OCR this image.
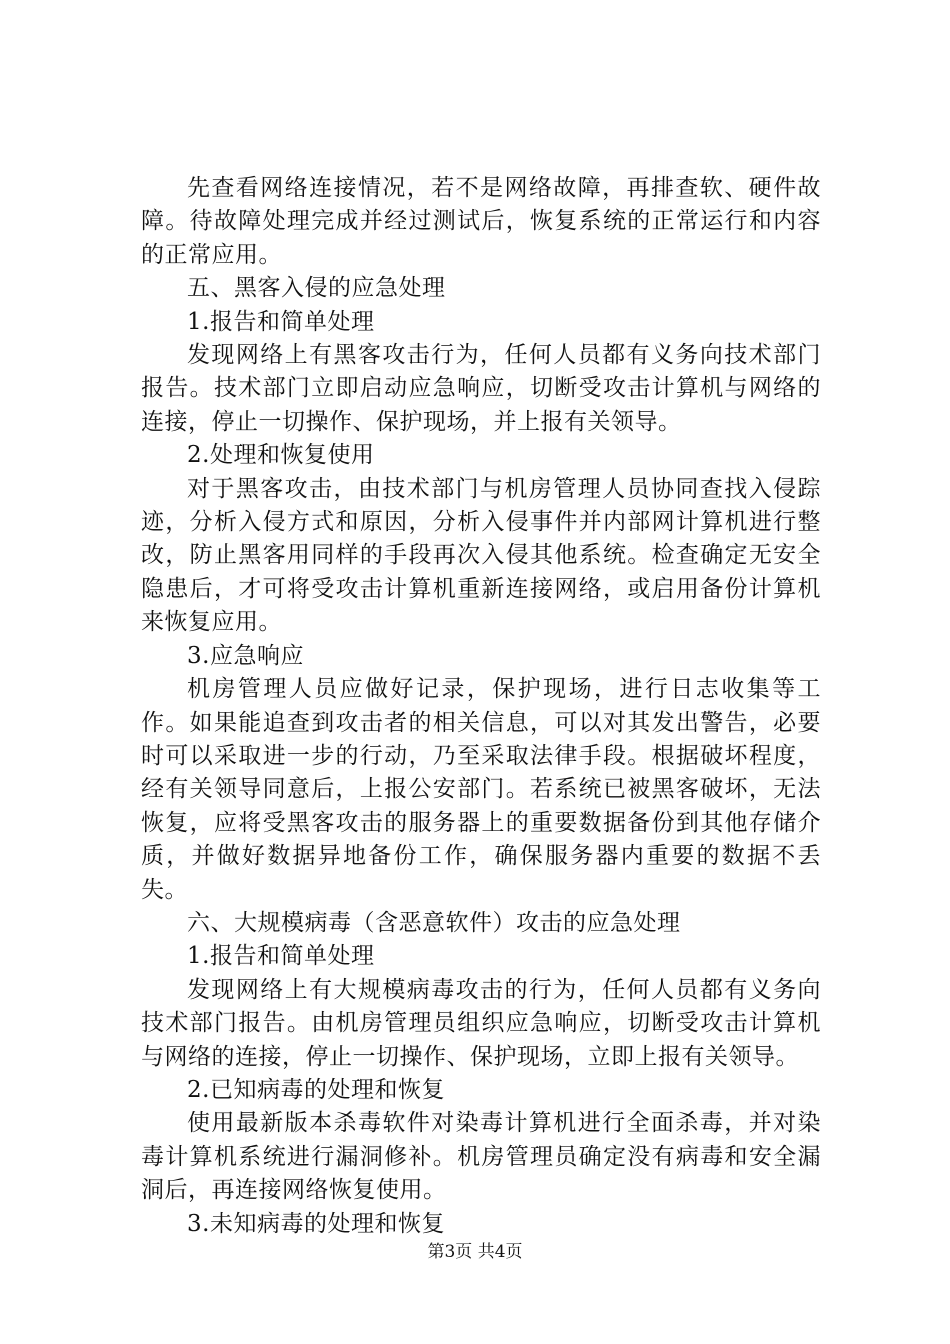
先查看网络连接情况，若不是网络故障，再排查软、硬件故障。待故障处理完成并经过测试后，恢复系统的正常运行和内容的正常应用。

五、黑客入侵的应急处理

1.报告和简单处理

发现网络上有黑客攻击行为，任何人员都有义务向技术部门报告。技术部门立即启动应急响应，切断受攻击计算机与网络的连接，停止一切操作、保护现场，并上报有关领导。

2.处理和恢复使用

对于黑客攻击，由技术部门与机房管理人员协同查找入侵踪迹，分析入侵方式和原因，分析入侵事件并内部网计算机进行整改，防止黑客用同样的手段再次入侵其他系统。检查确定无安全隐患后，才可将受攻击计算机重新连接网络，或启用备份计算机来恢复应用。

3.应急响应

机房管理人员应做好记录，保护现场，进行日志收集等工作。如果能追查到攻击者的相关信息，可以对其发出警告，必要时可以采取进一步的行动，乃至采取法律手段。根据破坏程度，经有关领导同意后，上报公安部门。若系统已被黑客破坏，无法恢复，应将受黑客攻击的服务器上的重要数据备份到其他存储介质，并做好数据异地备份工作，确保服务器内重要的数据不丢失。

六、大规模病毒（含恶意软件）攻击的应急处理

1.报告和简单处理

发现网络上有大规模病毒攻击的行为，任何人员都有义务向技术部门报告。由机房管理员组织应急响应，切断受攻击计算机与网络的连接，停止一切操作、保护现场，立即上报有关领导。

2.已知病毒的处理和恢复

使用最新版本杀毒软件对染毒计算机进行全面杀毒，并对染毒计算机系统进行漏洞修补。机房管理员确定没有病毒和安全漏洞后，再连接网络恢复使用。

3.未知病毒的处理和恢复

第3页 共4页
